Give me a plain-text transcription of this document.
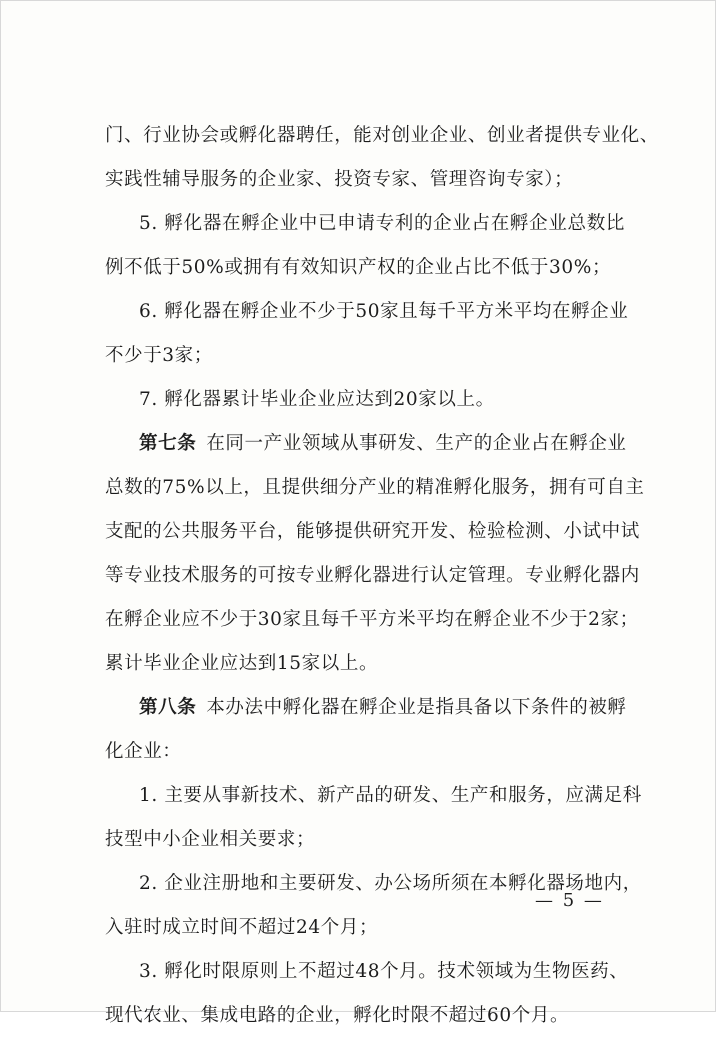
门、行业协会或孵化器聘任，能对创业企业、创业者提供专业化、
实践性辅导服务的企业家、投资专家、管理咨询专家）；
5. 孵化器在孵企业中已申请专利的企业占在孵企业总数比
例不低于50%或拥有有效知识产权的企业占比不低于30%；
6. 孵化器在孵企业不少于50家且每千平方米平均在孵企业
不少于3家；
7. 孵化器累计毕业企业应达到20家以上。
第七条 在同一产业领域从事研发、生产的企业占在孵企业
总数的75%以上，且提供细分产业的精准孵化服务，拥有可自主
支配的公共服务平台，能够提供研究开发、检验检测、小试中试
等专业技术服务的可按专业孵化器进行认定管理。专业孵化器内
在孵企业应不少于30家且每千平方米平均在孵企业不少于2家；
累计毕业企业应达到15家以上。
第八条 本办法中孵化器在孵企业是指具备以下条件的被孵
化企业：
1. 主要从事新技术、新产品的研发、生产和服务，应满足科
技型中小企业相关要求；
2. 企业注册地和主要研发、办公场所须在本孵化器场地内，
入驻时成立时间不超过24个月；
3. 孵化时限原则上不超过48个月。技术领域为生物医药、
现代农业、集成电路的企业，孵化时限不超过60个月。
— 5 —
